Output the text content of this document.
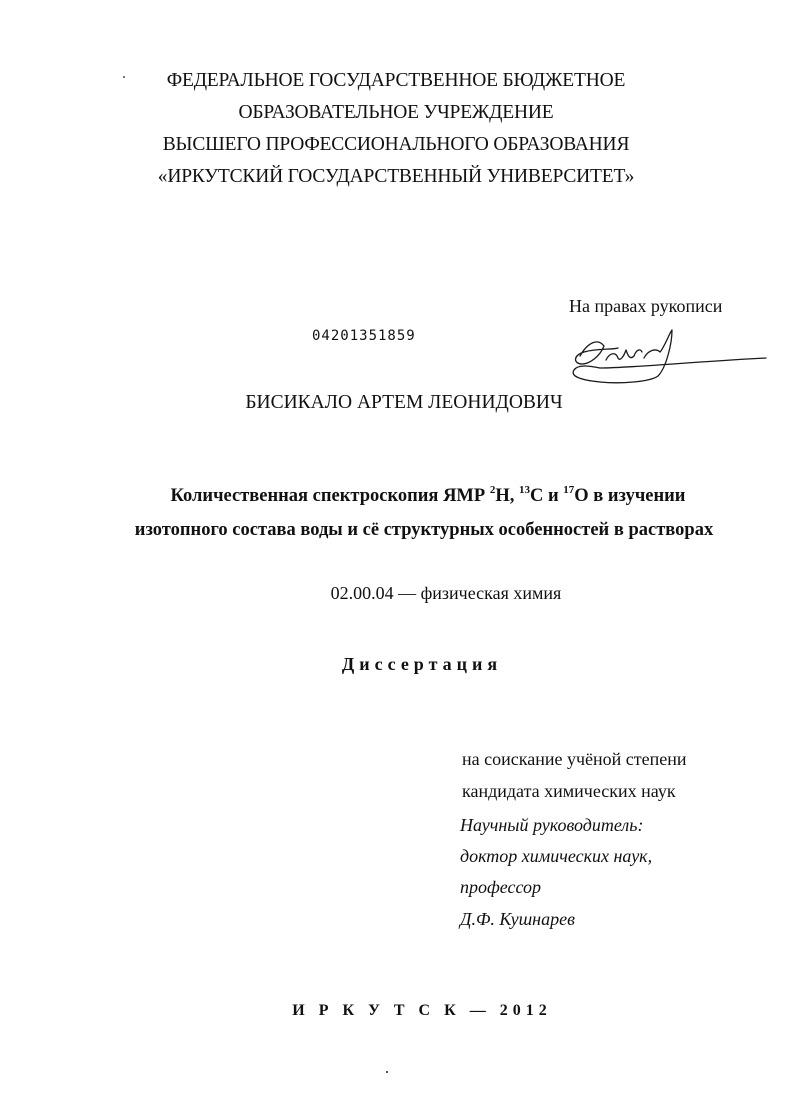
ФЕДЕРАЛЬНОЕ ГОСУДАРСТВЕННОЕ БЮДЖЕТНОЕ
ОБРАЗОВАТЕЛЬНОЕ УЧРЕЖДЕНИЕ
ВЫСШЕГО ПРОФЕССИОНАЛЬНОГО ОБРАЗОВАНИЯ
«ИРКУТСКИЙ ГОСУДАРСТВЕННЫЙ УНИВЕРСИТЕТ»
На правах рукописи
04201351859
БИСИКАЛО АРТЕМ ЛЕОНИДОВИЧ
Количественная спектроскопия ЯМР $^2$H, $^{13}$C и $^{17}$O в изучении
изотопного состава воды и сё структурных особенностей в растворах
02.00.04 — физическая химия
Диссертация
на соискание учёной степени
кандидата химических наук
Научный руководитель:
доктор химических наук,
профессор
Д.Ф. Кушнарев
И Р К У Т С К — 2012
